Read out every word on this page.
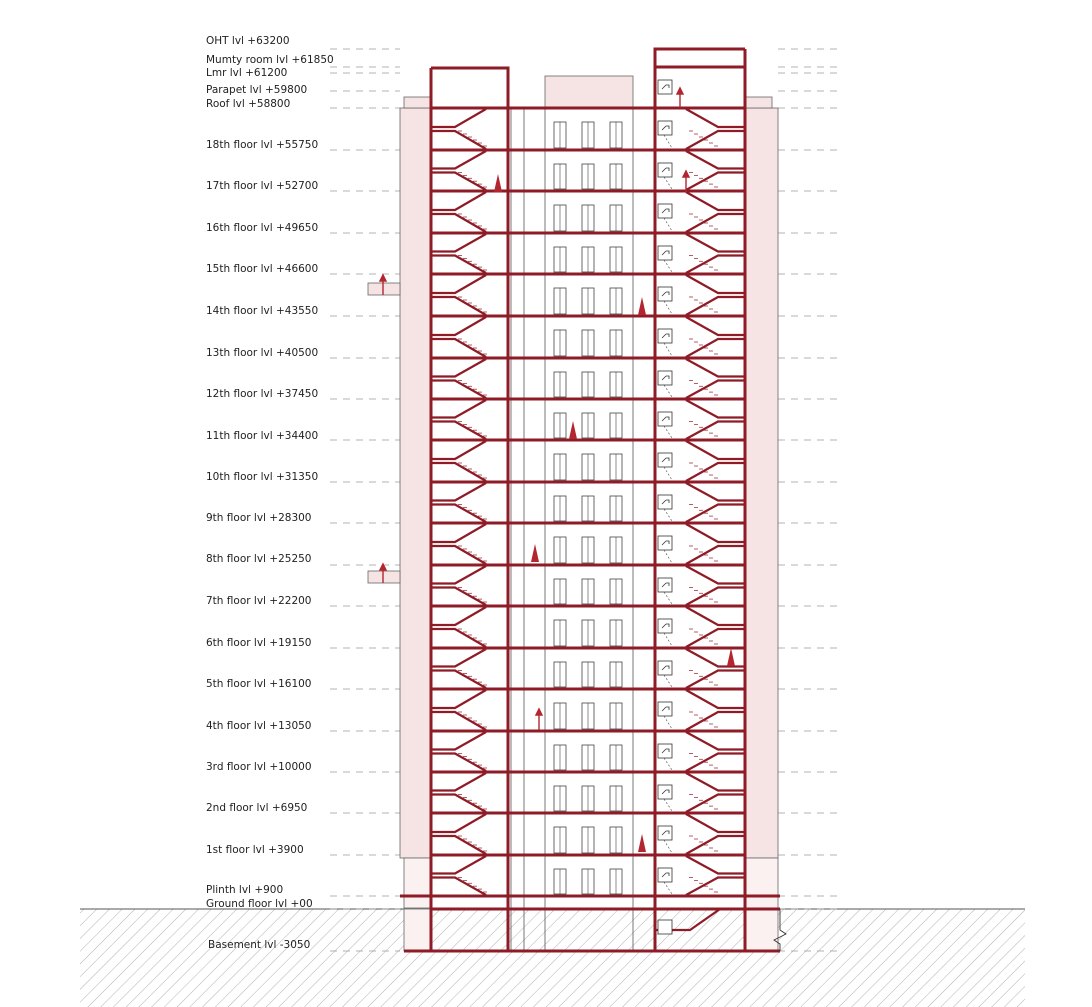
OHT lvl +63200
Mumty room lvl +61850
Lmr lvl +61200
Parapet lvl +59800
Roof lvl +58800
18th floor lvl +55750
17th floor lvl +52700
16th floor lvl +49650
15th floor lvl +46600
14th floor lvl +43550
13th floor lvl +40500
12th floor lvl +37450
11th floor lvl +34400
10th floor lvl +31350
9th floor lvl +28300
8th floor lvl +25250
7th floor lvl +22200
6th floor lvl +19150
5th floor lvl +16100
4th floor lvl +13050
3rd floor lvl +10000
2nd floor lvl +6950
1st floor lvl +3900
Plinth lvl +900
Ground floor lvl +00
Basement lvl -3050
